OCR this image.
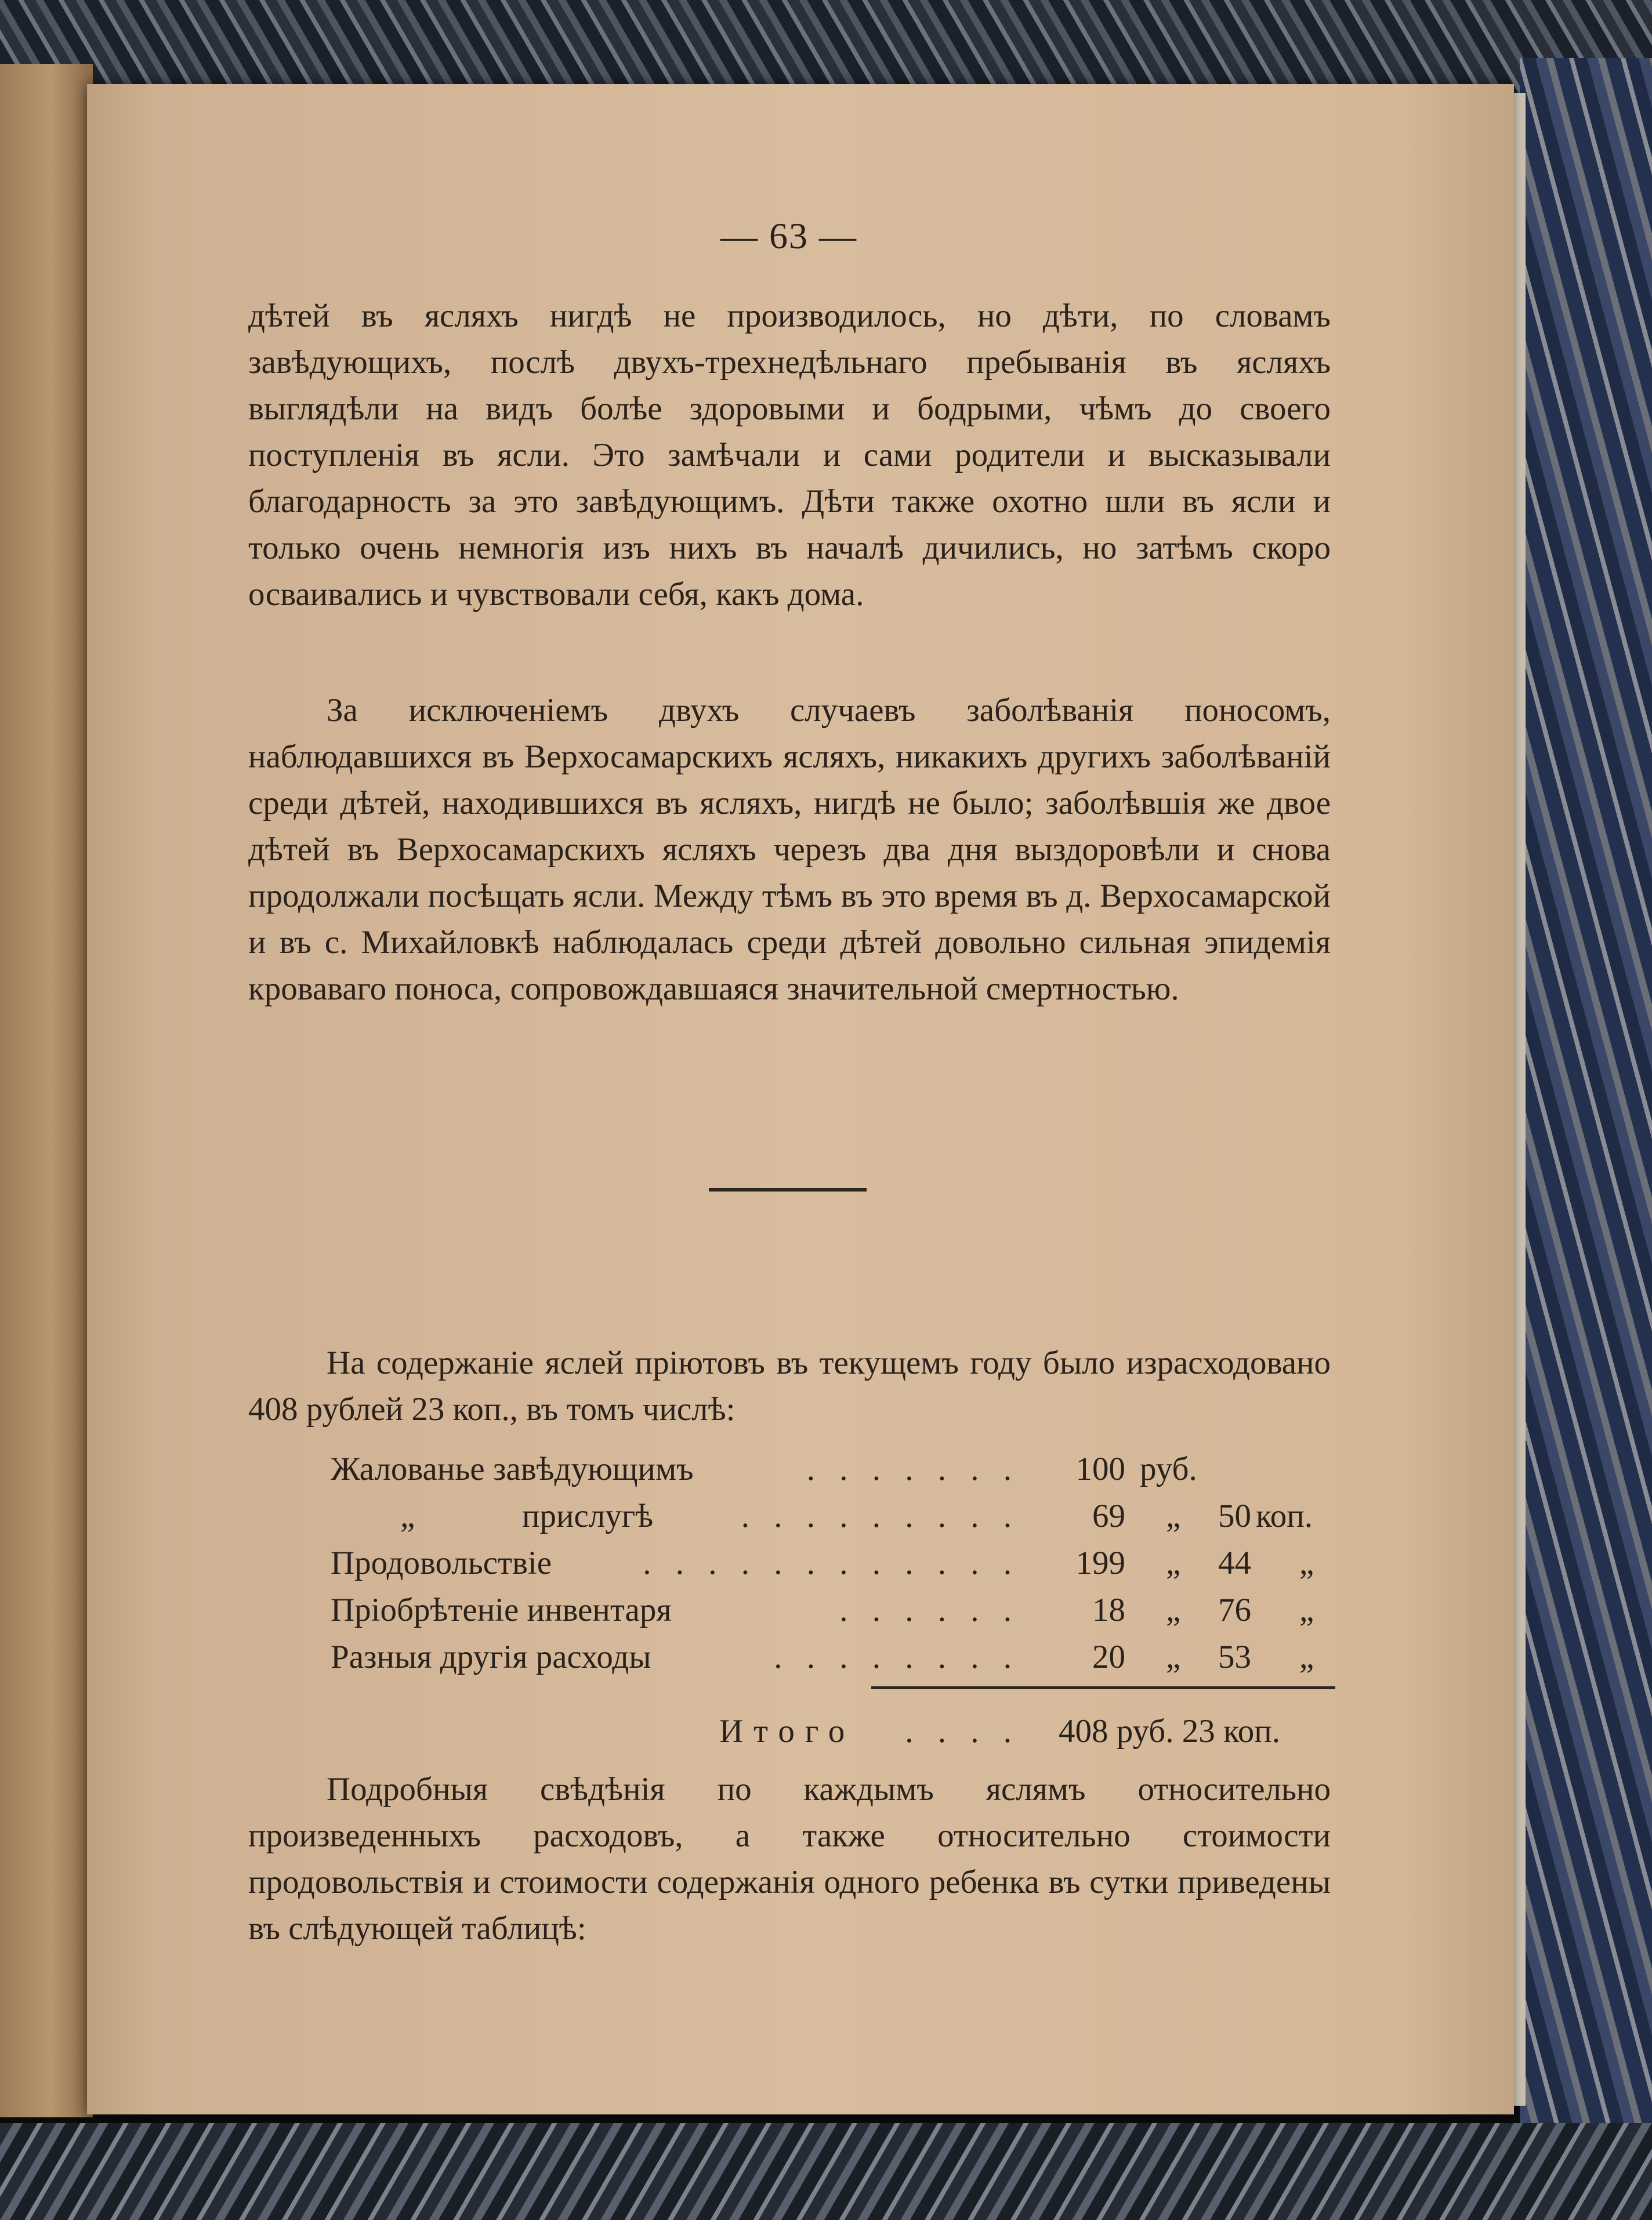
— 63 —

дѣтей въ ясляхъ нигдѣ не производилось, но дѣти, по словамъ завѣдующихъ, послѣ двухъ-трехнедѣльнаго пребыванія въ ясляхъ выглядѣли на видъ болѣе здоровыми и бодрыми, чѣмъ до своего поступленія въ ясли. Это замѣчали и сами родители и высказывали благодарность за это завѣдующимъ. Дѣти также охотно шли въ ясли и только очень немногія изъ нихъ въ началѣ дичились, но затѣмъ скоро осваивались и чувствовали себя, какъ дома.

За исключеніемъ двухъ случаевъ заболѣванія поносомъ, наблюдавшихся въ Верхосамарскихъ ясляхъ, никакихъ другихъ заболѣваній среди дѣтей, находившихся въ ясляхъ, нигдѣ не было; заболѣвшія же двое дѣтей въ Верхосамарскихъ ясляхъ черезъ два дня выздоровѣли и снова продолжали посѣщать ясли. Между тѣмъ въ это время въ д. Верхосамарской и въ с. Михайловкѣ наблюдалась среди дѣтей довольно сильная эпидемія кроваваго поноса, сопровождавшаяся значительной смертностью.

На содержаніе яслей пріютовъ въ текущемъ году было израсходовано 408 рублей 23 коп., въ томъ числѣ:

Жалованье завѣдующимъ	. . . . . . . 100 руб.
„	прислугѣ	. . . . . . . . . 69 „ 50 коп.
Продовольствіе	. . . . . . . . . . . . 199 „ 44 „
Пріобрѣтеніе инвентаря	. . . . . . 18 „ 76 „
Разныя другія расходы	. . . . . . . . 20 „ 53 „
Итого . . . . 408 руб. 23 коп.

Подробныя свѣдѣнія по каждымъ яслямъ относительно произведенныхъ расходовъ, а также относительно стоимости продовольствія и стоимости содержанія одного ребенка въ сутки приведены въ слѣдующей таблицѣ:
